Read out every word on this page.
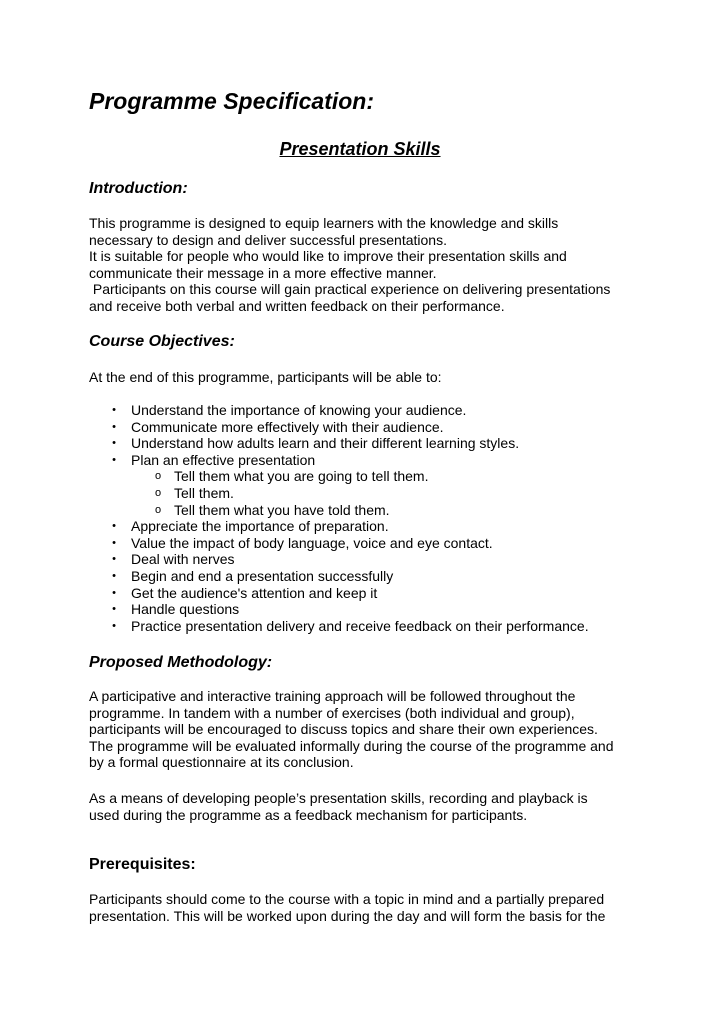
Programme Specification:
Presentation Skills
Introduction:

This programme is designed to equip learners with the knowledge and skills

necessary to design and deliver successful presentations.

It is suitable for people who would like to improve their presentation skills and

communicate their message in a more effective manner.

Participants on this course will gain practical experience on delivering presentations

and receive both verbal and written feedback on their performance.

Course Objectives:

At the end of this programme, participants will be able to:

• Understand the importance of knowing your audience.
• Communicate more effectively with their audience.
• Understand how adults learn and their different learning styles.
• Plan an effective presentation
o Tell them what you are going to tell them.
o Tell them.
o Tell them what you have told them.
• Appreciate the importance of preparation.
• Value the impact of body language, voice and eye contact.
• Deal with nerves
• Begin and end a presentation successfully
• Get the audience's attention and keep it
• Handle questions
• Practice presentation delivery and receive feedback on their performance.
Proposed Methodology:

A participative and interactive training approach will be followed throughout the

programme. In tandem with a number of exercises (both individual and group),

participants will be encouraged to discuss topics and share their own experiences.

The programme will be evaluated informally during the course of the programme and

by a formal questionnaire at its conclusion.

As a means of developing people’s presentation skills, recording and playback is

used during the programme as a feedback mechanism for participants.

Prerequisites:

Participants should come to the course with a topic in mind and a partially prepared

presentation. This will be worked upon during the day and will form the basis for the
